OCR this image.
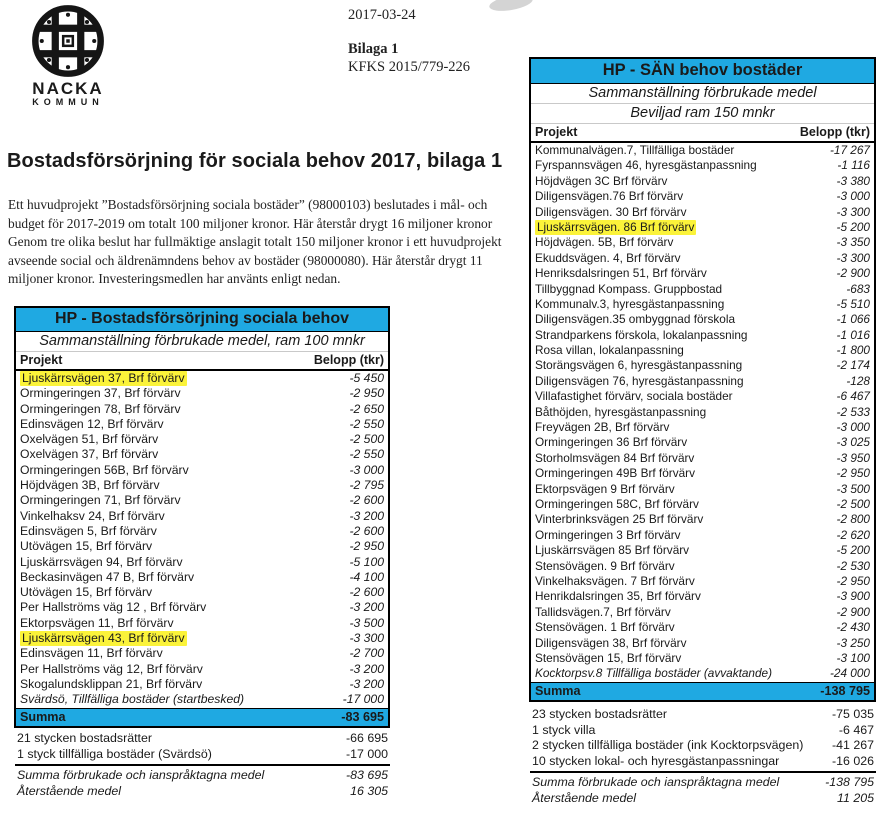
NACKA
KOMMUN
2017-03-24
Bilaga 1
KFKS 2015/779-226
Bostadsförsörjning för sociala behov 2017, bilaga 1
Ett huvudprojekt ”Bostadsförsörjning sociala bostäder” (98000103) beslutades i mål- och budget för 2017-2019 om totalt 100 miljoner kronor. Här återstår drygt 16 miljoner kronor Genom tre olika beslut har fullmäktige anslagit totalt 150 miljoner kronor i ett huvudprojekt avseende social och äldrenämndens behov av bostäder (98000080). Här återstår drygt 11 miljoner kronor. Investeringsmedlen har använts enligt nedan.
HP - Bostadsförsörjning sociala behov
Sammanställning förbrukade medel, ram 100 mnkr
Projekt	Belopp (tkr)
Ljuskärrsvägen 37, Brf förvärv	-5 450
Ormingeringen 37, Brf förvärv	-2 950
Ormingeringen 78, Brf förvärv	-2 650
Edinsvägen 12, Brf förvärv	-2 550
Oxelvägen 51, Brf förvärv	-2 500
Oxelvägen 37, Brf förvärv	-2 550
Ormingeringen 56B, Brf förvärv	-3 000
Höjdvägen 3B, Brf förvärv	-2 795
Ormingeringen 71, Brf förvärv	-2 600
Vinkelhaksv 24, Brf förvärv	-3 200
Edinsvägen 5, Brf förvärv	-2 600
Utövägen 15, Brf förvärv	-2 950
Ljuskärrsvägen 94, Brf förvärv	-5 100
Beckasinvägen 47 B, Brf förvärv	-4 100
Utövägen 15, Brf förvärv	-2 600
Per Hallströms väg 12 , Brf förvärv	-3 200
Ektorpsvägen 11, Brf förvärv	-3 500
Ljuskärrsvägen 43, Brf förvärv	-3 300
Edinsvägen 11, Brf förvärv	-2 700
Per Hallströms väg 12, Brf förvärv	-3 200
Skogalundsklippan 21, Brf förvärv	-3 200
Svärdsö, Tillfälliga bostäder (startbesked)	-17 000
Summa	-83 695
21 stycken bostadsrätter	-66 695
1 styck tillfälliga bostäder (Svärdsö)	-17 000
Summa förbrukade och ianspråktagna medel	-83 695
Återstående medel	16 305
HP - SÄN behov bostäder
Sammanställning förbrukade medel
Beviljad ram 150 mnkr
Projekt	Belopp (tkr)
Kommunalvägen.7, Tillfälliga bostäder	-17 267
Fyrspannsvägen 46, hyresgästanpassning	-1 116
Höjdvägen 3C Brf förvärv	-3 380
Diligensvägen.76 Brf förvärv	-3 000
Diligensvägen. 30 Brf förvärv	-3 300
Ljuskärrsvägen. 86 Brf förvärv	-5 200
Höjdvägen. 5B, Brf förvärv	-3 350
Ekuddsvägen. 4, Brf förvärv	-3 300
Henriksdalsringen 51, Brf förvärv	-2 900
Tillbyggnad Kompass. Gruppbostad	-683
Kommunalv.3, hyresgästanpassning	-5 510
Diligensvägen.35 ombyggnad förskola	-1 066
Strandparkens förskola, lokalanpassning	-1 016
Rosa villan, lokalanpassning	-1 800
Storängsvägen 6, hyresgästanpassning	-2 174
Diligensvägen 76, hyresgästanpassning	-128
Villafastighet förvärv, sociala bostäder	-6 467
Båthöjden, hyresgästanpassning	-2 533
Freyvägen 2B, Brf förvärv	-3 000
Ormingeringen 36 Brf förvärv	-3 025
Storholmsvägen 84 Brf förvärv	-3 950
Ormingeringen 49B Brf förvärv	-2 950
Ektorpsvägen 9 Brf förvärv	-3 500
Ormingeringen 58C, Brf förvärv	-2 500
Vinterbrinksvägen 25 Brf förvärv	-2 800
Ormingeringen 3 Brf förvärv	-2 620
Ljuskärrsvägen 85 Brf förvärv	-5 200
Stensövägen. 9 Brf förvärv	-2 530
Vinkelhaksvägen. 7 Brf förvärv	-2 950
Henrikdalsringen 35, Brf förvärv	-3 900
Tallidsvägen.7, Brf förvärv	-2 900
Stensövägen. 1 Brf förvärv	-2 430
Diligensvägen 38, Brf förvärv	-3 250
Stensövägen 15, Brf förvärv	-3 100
Kocktorpsv.8 Tillfälliga bostäder (avvaktande)	-24 000
Summa	-138 795
23 stycken bostadsrätter	-75 035
1 styck villa	-6 467
2 stycken tillfälliga bostäder (ink Kocktorpsvägen) -41 267
10 stycken lokal- och hyresgästanpassningar	-16 026
Summa förbrukade och ianspråktagna medel	-138 795
Återstående medel	11 205
